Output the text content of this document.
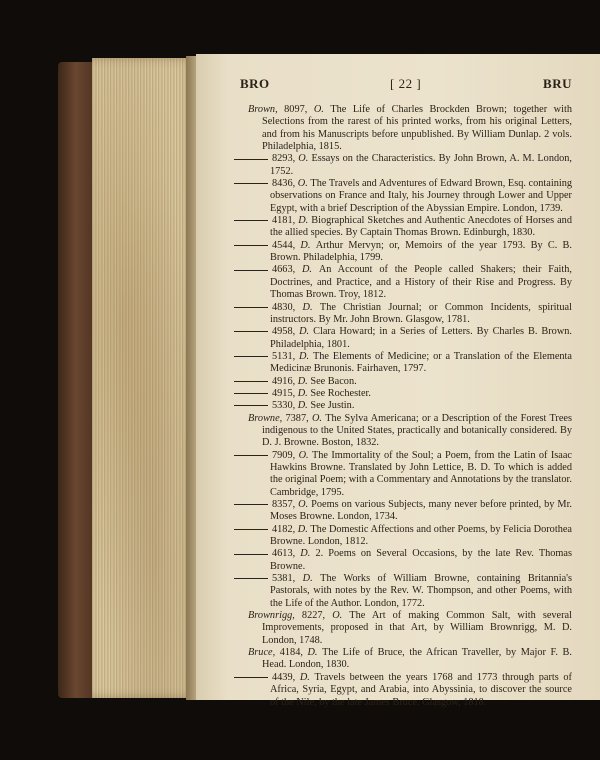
BRO	[ 22 ]	BRU
Brown, 8097, O. The Life of Charles Brockden Brown; together with Selections from the rarest of his printed works, from his original Letters, and from his Manuscripts before unpublished. By William Dunlap. 2 vols. Philadelphia, 1815.
8293, O. Essays on the Characteristics. By John Brown, A. M. London, 1752.
8436, O. The Travels and Adventures of Edward Brown, Esq. containing observations on France and Italy, his Journey through Lower and Upper Egypt, with a brief Description of the Abyssian Empire. London, 1739.
4181, D. Biographical Sketches and Authentic Anecdotes of Horses and the allied species. By Captain Thomas Brown. Edinburgh, 1830.
4544, D. Arthur Mervyn; or, Memoirs of the year 1793. By C. B. Brown. Philadelphia, 1799.
4663, D. An Account of the People called Shakers; their Faith, Doctrines, and Practice, and a History of their Rise and Progress. By Thomas Brown. Troy, 1812.
4830, D. The Christian Journal; or Common Incidents, spiritual instructors. By Mr. John Brown. Glasgow, 1781.
4958, D. Clara Howard; in a Series of Letters. By Charles B. Brown. Philadelphia, 1801.
5131, D. The Elements of Medicine; or a Translation of the Elementa Medicinæ Brunonis. Fairhaven, 1797.
4916, D. See Bacon.
4915, D. See Rochester.
5330, D. See Justin.
Browne, 7387, O. The Sylva Americana; or a Description of the Forest Trees indigenous to the United States, practically and botanically considered. By D. J. Browne. Boston, 1832.
7909, O. The Immortality of the Soul; a Poem, from the Latin of Isaac Hawkins Browne. Translated by John Lettice, B. D. To which is added the original Poem; with a Commentary and Annotations by the translator. Cambridge, 1795.
8357, O. Poems on various Subjects, many never before printed, by Mr. Moses Browne. London, 1734.
4182, D. The Domestic Affections and other Poems, by Felicia Dorothea Browne. London, 1812.
4613, D. 2. Poems on Several Occasions, by the late Rev. Thomas Browne.
5381, D. The Works of William Browne, containing Britannia's Pastorals, with notes by the Rev. W. Thompson, and other Poems, with the Life of the Author. London, 1772.
Brownrigg, 8227, O. The Art of making Common Salt, with several Improvements, proposed in that Art, by William Brownrigg, M. D. London, 1748.
Bruce, 4184, D. The Life of Bruce, the African Traveller, by Major F. B. Head. London, 1830.
4439, D. Travels between the years 1768 and 1773 through parts of Africa, Syria, Egypt, and Arabia, into Abyssinia, to discover the source of the Nile, by the late James Bruce. Glasgow, 1818.
